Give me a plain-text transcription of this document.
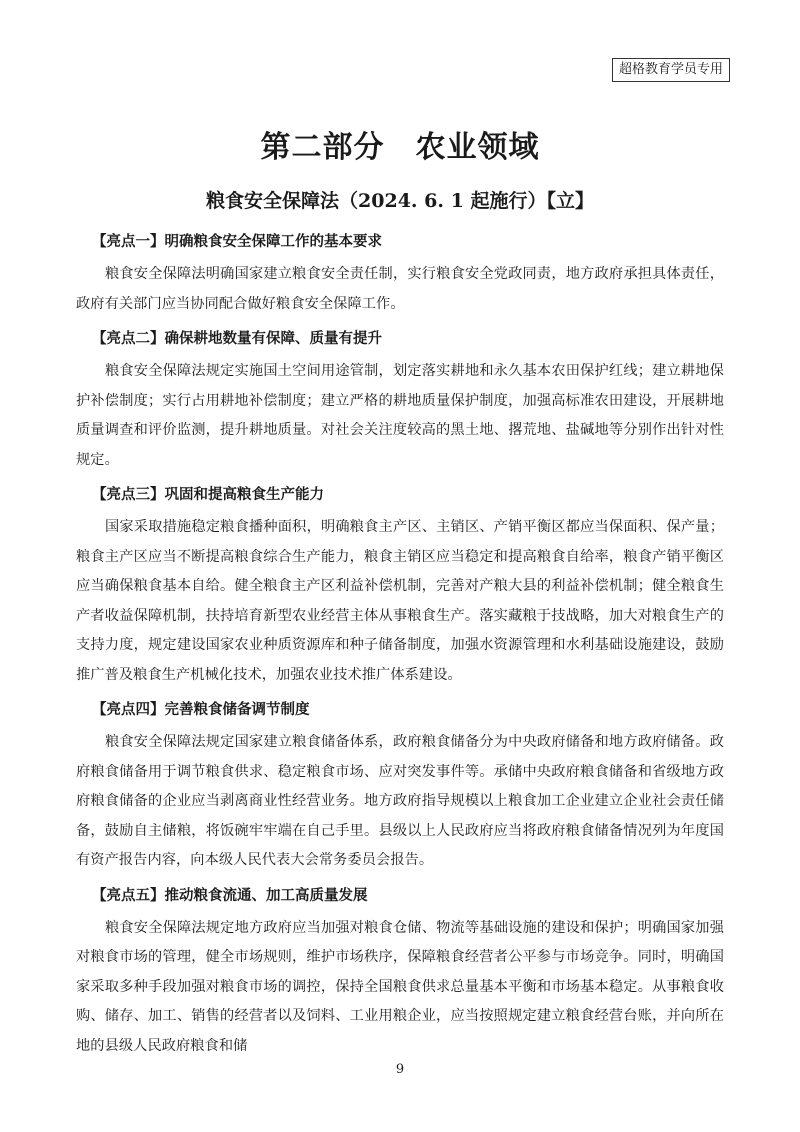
超格教育学员专用
第二部分　农业领域
粮食安全保障法（2024. 6. 1 起施行）【立】
【亮点一】明确粮食安全保障工作的基本要求

粮食安全保障法明确国家建立粮食安全责任制，实行粮食安全党政同责，地方政府承担具体责任，政府有关部门应当协同配合做好粮食安全保障工作。

【亮点二】确保耕地数量有保障、质量有提升

粮食安全保障法规定实施国土空间用途管制，划定落实耕地和永久基本农田保护红线；建立耕地保护补偿制度；实行占用耕地补偿制度；建立严格的耕地质量保护制度，加强高标准农田建设，开展耕地质量调查和评价监测，提升耕地质量。对社会关注度较高的黑土地、撂荒地、盐碱地等分别作出针对性规定。

【亮点三】巩固和提高粮食生产能力

国家采取措施稳定粮食播种面积，明确粮食主产区、主销区、产销平衡区都应当保面积、保产量；粮食主产区应当不断提高粮食综合生产能力，粮食主销区应当稳定和提高粮食自给率，粮食产销平衡区应当确保粮食基本自给。健全粮食主产区利益补偿机制，完善对产粮大县的利益补偿机制；健全粮食生产者收益保障机制，扶持培育新型农业经营主体从事粮食生产。落实藏粮于技战略，加大对粮食生产的支持力度，规定建设国家农业种质资源库和种子储备制度，加强水资源管理和水利基础设施建设，鼓励推广普及粮食生产机械化技术，加强农业技术推广体系建设。

【亮点四】完善粮食储备调节制度

粮食安全保障法规定国家建立粮食储备体系，政府粮食储备分为中央政府储备和地方政府储备。政府粮食储备用于调节粮食供求、稳定粮食市场、应对突发事件等。承储中央政府粮食储备和省级地方政府粮食储备的企业应当剥离商业性经营业务。地方政府指导规模以上粮食加工企业建立企业社会责任储备，鼓励自主储粮，将饭碗牢牢端在自己手里。县级以上人民政府应当将政府粮食储备情况列为年度国有资产报告内容，向本级人民代表大会常务委员会报告。

【亮点五】推动粮食流通、加工高质量发展

粮食安全保障法规定地方政府应当加强对粮食仓储、物流等基础设施的建设和保护；明确国家加强对粮食市场的管理，健全市场规则，维护市场秩序，保障粮食经营者公平参与市场竞争。同时，明确国家采取多种手段加强对粮食市场的调控，保持全国粮食供求总量基本平衡和市场基本稳定。从事粮食收购、储存、加工、销售的经营者以及饲料、工业用粮企业，应当按照规定建立粮食经营台账，并向所在地的县级人民政府粮食和储

9
